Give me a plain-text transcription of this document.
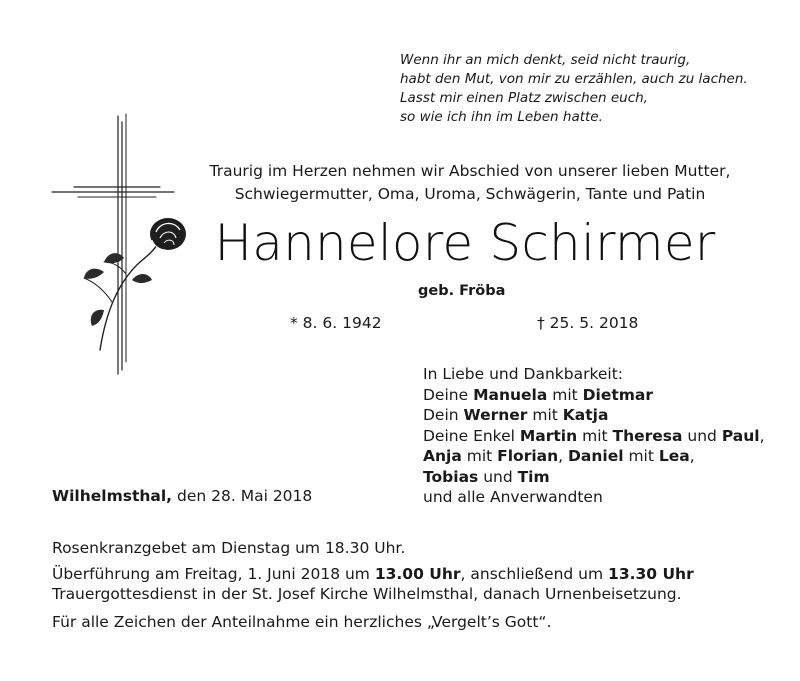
Wenn ihr an mich denkt, seid nicht traurig,
habt den Mut, von mir zu erzählen, auch zu lachen.
Lasst mir einen Platz zwischen euch,
so wie ich ihn im Leben hatte.
Traurig im Herzen nehmen wir Abschied von unserer lieben Mutter,
Schwiegermutter, Oma, Uroma, Schwägerin, Tante und Patin
Hannelore Schirmer
geb. Fröba
* 8. 6. 1942	† 25. 5. 2018
In Liebe und Dankbarkeit:
Deine Manuela mit Dietmar
Dein Werner mit Katja
Deine Enkel Martin mit Theresa und Paul,
Anja mit Florian, Daniel mit Lea,
Tobias und Tim
und alle Anverwandten
Wilhelmsthal, den 28. Mai 2018
Rosenkranzgebet am Dienstag um 18.30 Uhr.
Überführung am Freitag, 1. Juni 2018 um 13.00 Uhr, anschließend um 13.30 Uhr
Trauergottesdienst in der St. Josef Kirche Wilhelmsthal, danach Urnenbeisetzung.
Für alle Zeichen der Anteilnahme ein herzliches „Vergelt’s Gott“.
